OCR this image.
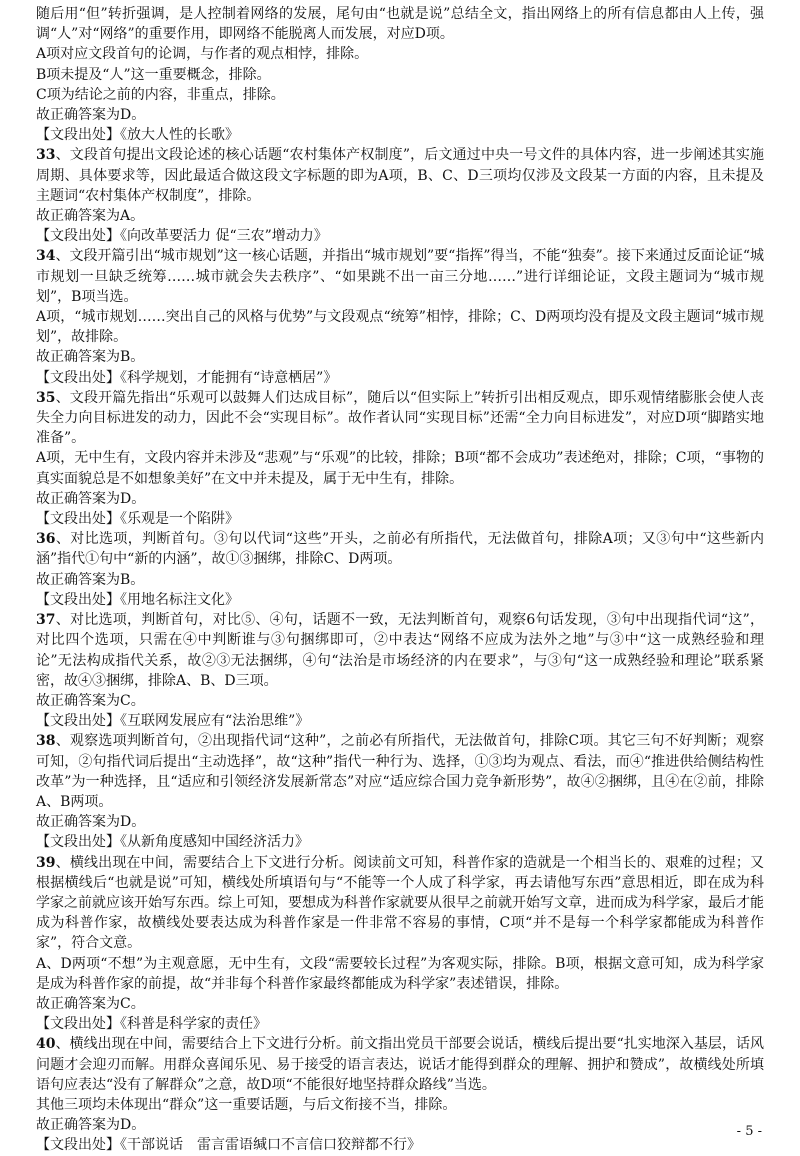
随后用“但”转折强调，是人控制着网络的发展，尾句由“也就是说”总结全文，指出网络上的所有信息都由人上传，强调“人”对“网络”的重要作用，即网络不能脱离人而发展，对应D项。

A项对应文段首句的论调，与作者的观点相悖，排除。

B项未提及“人”这一重要概念，排除。

C项为结论之前的内容，非重点，排除。

故正确答案为D。

【文段出处】《放大人性的长歌》

33、文段首句提出文段论述的核心话题“农村集体产权制度”，后文通过中央一号文件的具体内容，进一步阐述其实施周期、具体要求等，因此最适合做这段文字标题的即为A项，B、C、D三项均仅涉及文段某一方面的内容，且未提及主题词“农村集体产权制度”，排除。

故正确答案为A。

【文段出处】《向改革要活力 促“三农”增动力》

34、文段开篇引出“城市规划”这一核心话题，并指出“城市规划”要“指挥”得当，不能“独奏”。接下来通过反面论证“城市规划一旦缺乏统筹……城市就会失去秩序”、“如果跳不出一亩三分地……”进行详细论证，文段主题词为“城市规划”，B项当选。

A项，“城市规划……突出自己的风格与优势”与文段观点“统筹”相悖，排除；C、D两项均没有提及文段主题词“城市规划”，故排除。

故正确答案为B。

【文段出处】《科学规划，才能拥有“诗意栖居”》

35、文段开篇先指出“乐观可以鼓舞人们达成目标”，随后以“但实际上”转折引出相反观点，即乐观情绪膨胀会使人丧失全力向目标进发的动力，因此不会“实现目标”。故作者认同“实现目标”还需“全力向目标进发”，对应D项“脚踏实地准备”。

A项，无中生有，文段内容并未涉及“悲观”与“乐观”的比较，排除；B项“都不会成功”表述绝对，排除；C项，“事物的真实面貌总是不如想象美好”在文中并未提及，属于无中生有，排除。

故正确答案为D。

【文段出处】《乐观是一个陷阱》

36、对比选项，判断首句。③句以代词“这些”开头，之前必有所指代，无法做首句，排除A项；又③句中“这些新内涵”指代①句中“新的内涵”，故①③捆绑，排除C、D两项。

故正确答案为B。

【文段出处】《用地名标注文化》

37、对比选项，判断首句，对比⑤、④句，话题不一致，无法判断首句，观察6句话发现，③句中出现指代词“这”，对比四个选项，只需在④中判断谁与③句捆绑即可，②中表达“网络不应成为法外之地”与③中“这一成熟经验和理论”无法构成指代关系，故②③无法捆绑，④句“法治是市场经济的内在要求”，与③句“这一成熟经验和理论”联系紧密，故④③捆绑，排除A、B、D三项。

故正确答案为C。

【文段出处】《互联网发展应有“法治思维”》

38、观察选项判断首句，②出现指代词“这种”，之前必有所指代，无法做首句，排除C项。其它三句不好判断；观察可知，②句指代词后提出“主动选择”，故“这种”指代一种行为、选择，①③均为观点、看法，而④“推进供给侧结构性改革”为一种选择，且“适应和引领经济发展新常态”对应“适应综合国力竞争新形势”，故④②捆绑，且④在②前，排除A、B两项。

故正确答案为D。

【文段出处】《从新角度感知中国经济活力》

39、横线出现在中间，需要结合上下文进行分析。阅读前文可知，科普作家的造就是一个相当长的、艰难的过程；又根据横线后“也就是说”可知，横线处所填语句与“不能等一个人成了科学家，再去请他写东西”意思相近，即在成为科学家之前就应该开始写东西。综上可知，要想成为科普作家就要从很早之前就开始写文章，进而成为科学家，最后才能成为科普作家，故横线处要表达成为科普作家是一件非常不容易的事情，C项“并不是每一个科学家都能成为科普作家”，符合文意。

A、D两项“不想”为主观意愿，无中生有，文段“需要较长过程”为客观实际，排除。B项，根据文意可知，成为科学家是成为科普作家的前提，故“并非每个科普作家最终都能成为科学家”表述错误，排除。

故正确答案为C。

【文段出处】《科普是科学家的责任》

40、横线出现在中间，需要结合上下文进行分析。前文指出党员干部要会说话，横线后提出要“扎实地深入基层，话风问题才会迎刃而解。用群众喜闻乐见、易于接受的语言表达，说话才能得到群众的理解、拥护和赞成”，故横线处所填语句应表达“没有了解群众”之意，故D项“不能很好地坚持群众路线”当选。

其他三项均未体现出“群众”这一重要话题，与后文衔接不当，排除。

故正确答案为D。

【文段出处】《干部说话　雷言雷语缄口不言信口狡辩都不行》

- 5 -
